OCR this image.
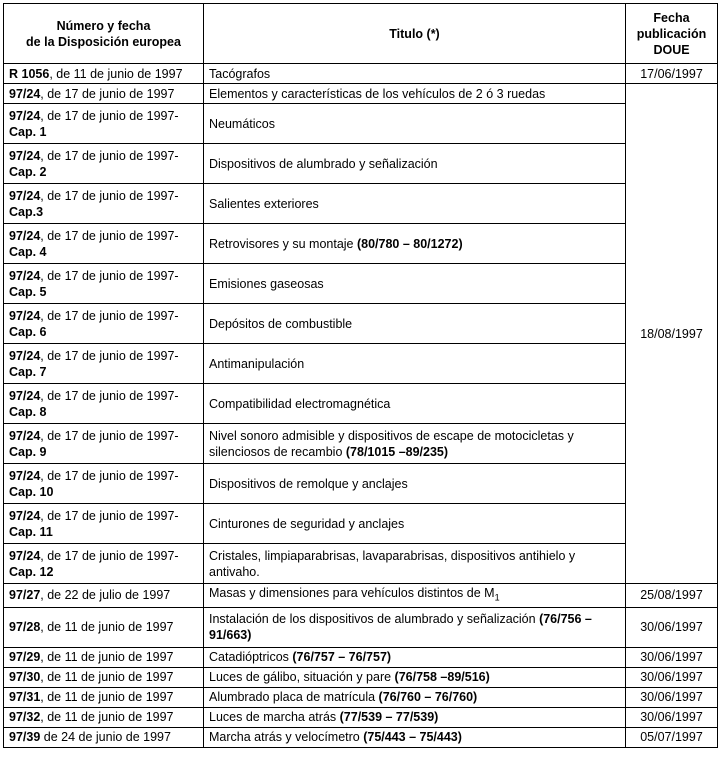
Número y fecha
de la Disposición europea	Titulo (*)	Fecha
publicación
DOUE
R 1056, de 11 de junio de 1997	Tacógrafos	17/06/1997
97/24, de 17 de junio de 1997	Elementos y características de los vehículos de 2 ó 3 ruedas	18/08/1997
97/24, de 17 de junio de 1997-
Cap. 1	Neumáticos	
97/24, de 17 de junio de 1997-
Cap. 2	Dispositivos de alumbrado y señalización	
97/24, de 17 de junio de 1997-
Cap.3	Salientes exteriores	
97/24, de 17 de junio de 1997-
Cap. 4	Retrovisores y su montaje (80/780 – 80/1272)	
97/24, de 17 de junio de 1997-
Cap. 5	Emisiones gaseosas	
97/24, de 17 de junio de 1997-
Cap. 6	Depósitos de combustible	
97/24, de 17 de junio de 1997-
Cap. 7	Antimanipulación	
97/24, de 17 de junio de 1997-
Cap. 8	Compatibilidad electromagnética	
97/24, de 17 de junio de 1997-
Cap. 9	Nivel sonoro admisible y dispositivos de escape de motocicletas y silenciosos de recambio (78/1015 –89/235)	
97/24, de 17 de junio de 1997-
Cap. 10	Dispositivos de remolque y anclajes	
97/24, de 17 de junio de 1997-
Cap. 11	Cinturones de seguridad y anclajes	
97/24, de 17 de junio de 1997-
Cap. 12	Cristales, limpiaparabrisas, lavaparabrisas, dispositivos antihielo y antivaho.	
97/27, de 22 de julio de 1997	Masas y dimensiones para vehículos distintos de $M_1$	25/08/1997
97/28, de 11 de junio de 1997	Instalación de los dispositivos de alumbrado y señalización (76/756 – 91/663)	30/06/1997
97/29, de 11 de junio de 1997	Catadióptricos (76/757 – 76/757)	30/06/1997
97/30, de 11 de junio de 1997	Luces de gálibo, situación y pare (76/758 –89/516)	30/06/1997
97/31, de 11 de junio de 1997	Alumbrado placa de matrícula (76/760 – 76/760)	30/06/1997
97/32, de 11 de junio de 1997	Luces de marcha atrás (77/539 – 77/539)	30/06/1997
97/39 de 24 de junio de 1997	Marcha atrás y velocímetro (75/443 – 75/443)	05/07/1997
